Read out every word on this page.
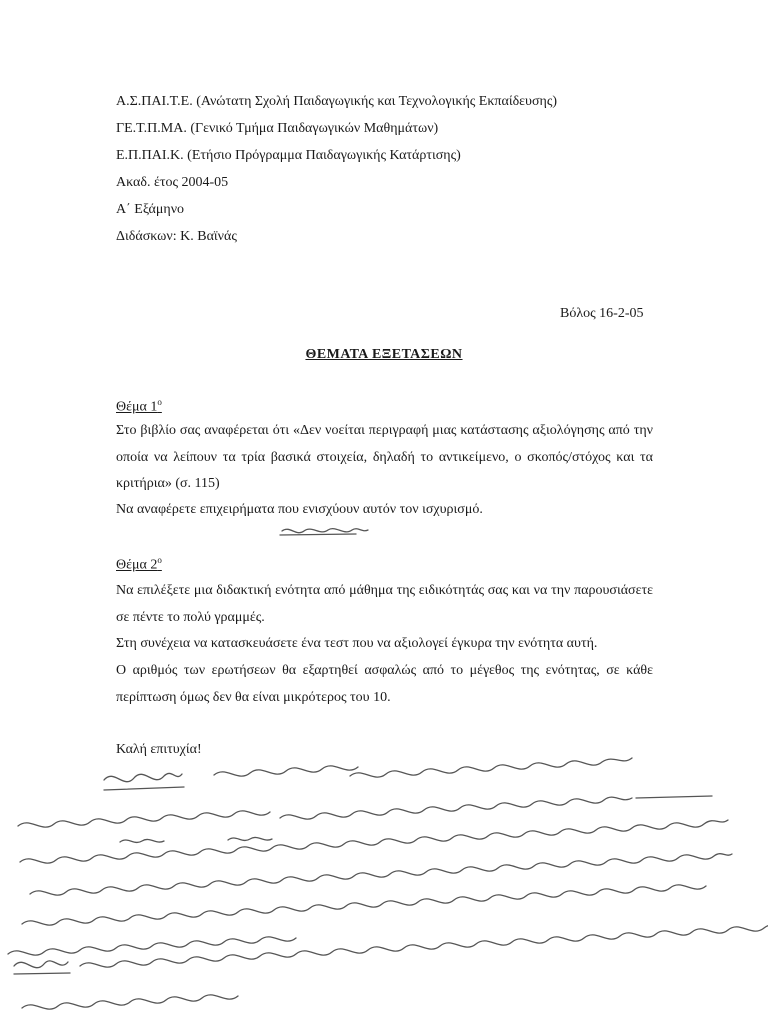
Α.Σ.ΠΑΙ.Τ.Ε. (Ανώτατη Σχολή Παιδαγωγικής και Τεχνολογικής Εκπαίδευσης)
ΓΕ.Τ.Π.ΜΑ. (Γενικό Τμήμα Παιδαγωγικών Μαθημάτων)
Ε.Π.ΠΑΙ.Κ. (Ετήσιο Πρόγραμμα Παιδαγωγικής Κατάρτισης)
Ακαδ. έτος 2004-05
Α΄ Εξάμηνο
Διδάσκων: Κ. Βαϊνάς
Βόλος 16-2-05
ΘΕΜΑΤΑ ΕΞΕΤΑΣΕΩΝ
Θέμα $1^o$
Στο βιβλίο σας αναφέρεται ότι «Δεν νοείται περιγραφή μιας κατάστασης αξιολόγησης από την οποία να λείπουν τα τρία βασικά στοιχεία, δηλαδή το αντικείμενο, ο σκοπός/στόχος και τα κριτήρια» (σ. 115)
Να αναφέρετε επιχειρήματα που ενισχύουν αυτόν τον ισχυρισμό.
Θέμα $2^o$
Να επιλέξετε μια διδακτική ενότητα από μάθημα της ειδικότητάς σας και να την παρουσιάσετε σε πέντε το πολύ γραμμές.
Στη συνέχεια να κατασκευάσετε ένα τεστ που να αξιολογεί έγκυρα την ενότητα αυτή.
Ο αριθμός των ερωτήσεων θα εξαρτηθεί ασφαλώς από το μέγεθος της ενότητας, σε κάθε περίπτωση όμως δεν θα είναι μικρότερος του 10.
Καλή επιτυχία!
